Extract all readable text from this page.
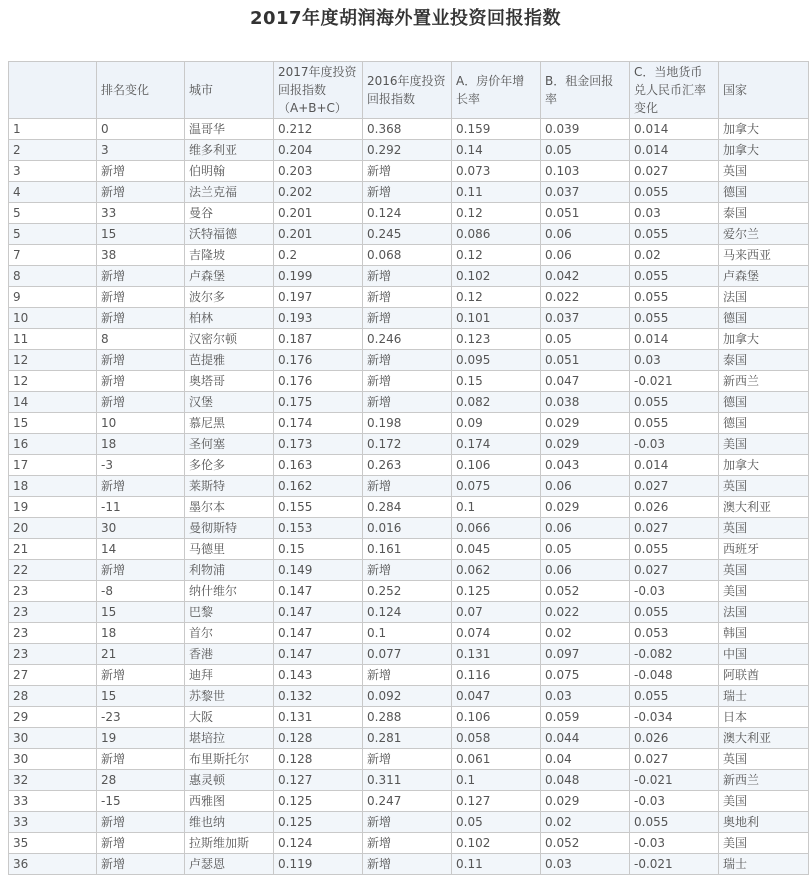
2017年度胡润海外置业投资回报指数
	排名变化	城市	2017年度投资回报指数（A+B+C）	2016年度投资回报指数	A．房价年增长率	B．租金回报率	C．当地货币兑人民币汇率变化	国家
1	0	温哥华	0.212	0.368	0.159	0.039	0.014	加拿大
2	3	维多利亚	0.204	0.292	0.14	0.05	0.014	加拿大
3	新增	伯明翰	0.203	新增	0.073	0.103	0.027	英国
4	新增	法兰克福	0.202	新增	0.11	0.037	0.055	德国
5	33	曼谷	0.201	0.124	0.12	0.051	0.03	泰国
5	15	沃特福德	0.201	0.245	0.086	0.06	0.055	爱尔兰
7	38	吉隆坡	0.2	0.068	0.12	0.06	0.02	马来西亚
8	新增	卢森堡	0.199	新增	0.102	0.042	0.055	卢森堡
9	新增	波尔多	0.197	新增	0.12	0.022	0.055	法国
10	新增	柏林	0.193	新增	0.101	0.037	0.055	德国
11	8	汉密尔顿	0.187	0.246	0.123	0.05	0.014	加拿大
12	新增	芭提雅	0.176	新增	0.095	0.051	0.03	泰国
12	新增	奥塔哥	0.176	新增	0.15	0.047	-0.021	新西兰
14	新增	汉堡	0.175	新增	0.082	0.038	0.055	德国
15	10	慕尼黑	0.174	0.198	0.09	0.029	0.055	德国
16	18	圣何塞	0.173	0.172	0.174	0.029	-0.03	美国
17	-3	多伦多	0.163	0.263	0.106	0.043	0.014	加拿大
18	新增	莱斯特	0.162	新增	0.075	0.06	0.027	英国
19	-11	墨尔本	0.155	0.284	0.1	0.029	0.026	澳大利亚
20	30	曼彻斯特	0.153	0.016	0.066	0.06	0.027	英国
21	14	马德里	0.15	0.161	0.045	0.05	0.055	西班牙
22	新增	利物浦	0.149	新增	0.062	0.06	0.027	英国
23	-8	纳什维尔	0.147	0.252	0.125	0.052	-0.03	美国
23	15	巴黎	0.147	0.124	0.07	0.022	0.055	法国
23	18	首尔	0.147	0.1	0.074	0.02	0.053	韩国
23	21	香港	0.147	0.077	0.131	0.097	-0.082	中国
27	新增	迪拜	0.143	新增	0.116	0.075	-0.048	阿联酋
28	15	苏黎世	0.132	0.092	0.047	0.03	0.055	瑞士
29	-23	大阪	0.131	0.288	0.106	0.059	-0.034	日本
30	19	堪培拉	0.128	0.281	0.058	0.044	0.026	澳大利亚
30	新增	布里斯托尔	0.128	新增	0.061	0.04	0.027	英国
32	28	惠灵顿	0.127	0.311	0.1	0.048	-0.021	新西兰
33	-15	西雅图	0.125	0.247	0.127	0.029	-0.03	美国
33	新增	维也纳	0.125	新增	0.05	0.02	0.055	奥地利
35	新增	拉斯维加斯	0.124	新增	0.102	0.052	-0.03	美国
36	新增	卢瑟恩	0.119	新增	0.11	0.03	-0.021	瑞士
